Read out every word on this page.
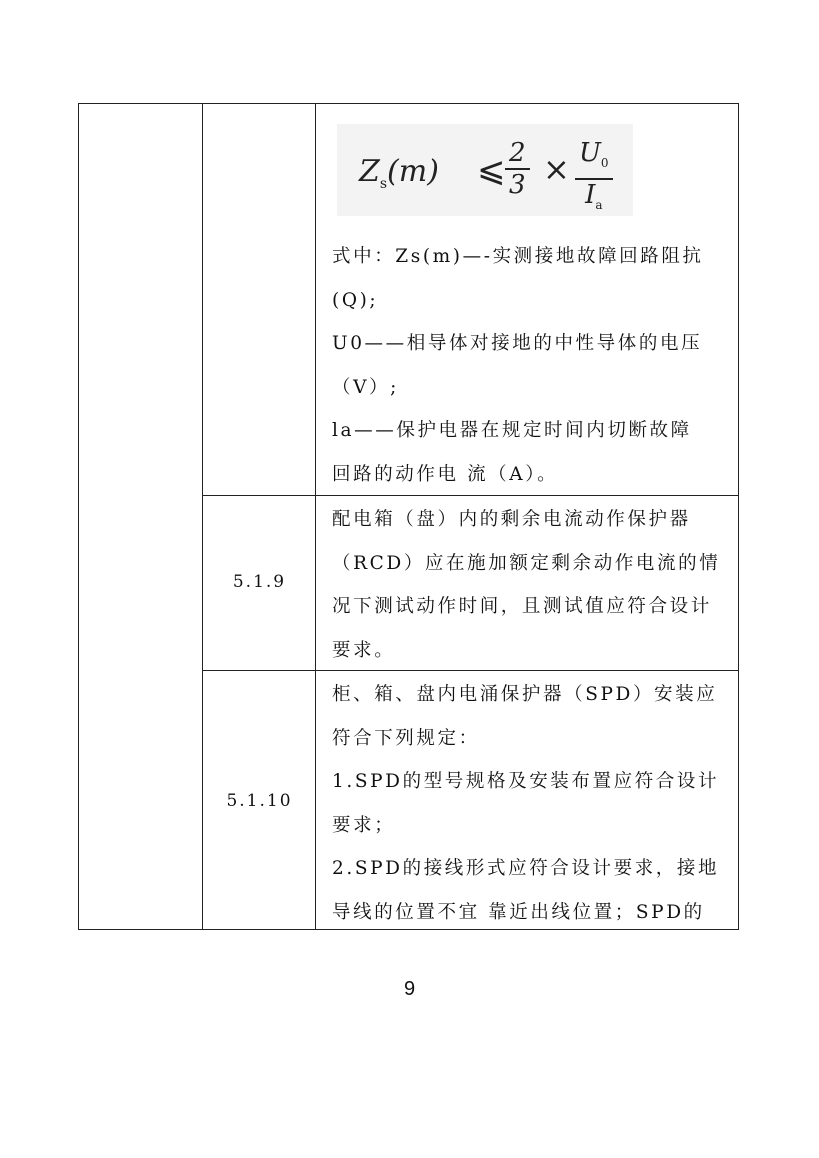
$Z_s(m)$ ⩽ $\frac{2}{3} \times \frac{U_0}{I_a}$

式中：Zs(m)—-实测接地故障回路阻抗

(Q);

U0——相导体对接地的中性导体的电压

（V）;

la——保护电器在规定时间内切断故障

回路的动作电 流（A）。

5.1.9

配电箱（盘）内的剩余电流动作保护器

（RCD）应在施加额定剩余动作电流的情

况下测试动作时间，且测试值应符合设计

要求。

5.1.10

柜、箱、盘内电涌保护器（SPD）安装应

符合下列规定：

1.SPD的型号规格及安装布置应符合设计

要求；

2.SPD的接线形式应符合设计要求，接地

导线的位置不宜 靠近出线位置；SPD的

9
